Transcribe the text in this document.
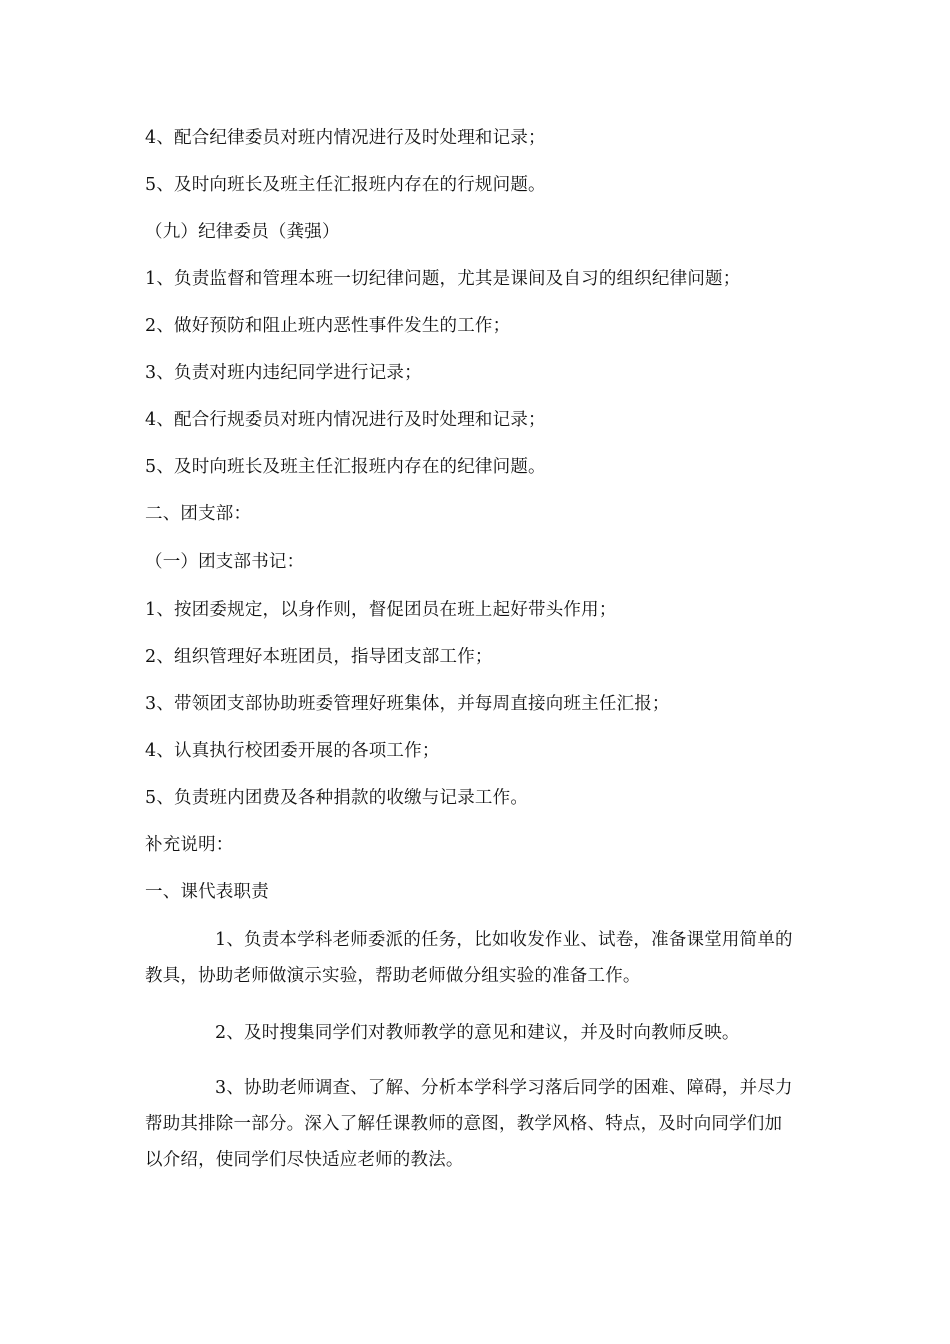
4、配合纪律委员对班内情况进行及时处理和记录；
5、及时向班长及班主任汇报班内存在的行规问题。
（九）纪律委员（龚强）
1、负责监督和管理本班一切纪律问题，尤其是课间及自习的组织纪律问题；
2、做好预防和阻止班内恶性事件发生的工作；
3、负责对班内违纪同学进行记录；
4、配合行规委员对班内情况进行及时处理和记录；
5、及时向班长及班主任汇报班内存在的纪律问题。
二、团支部：
（一）团支部书记：
1、按团委规定，以身作则，督促团员在班上起好带头作用；
2、组织管理好本班团员，指导团支部工作；
3、带领团支部协助班委管理好班集体，并每周直接向班主任汇报；
4、认真执行校团委开展的各项工作；
5、负责班内团费及各种捐款的收缴与记录工作。
补充说明：
一、课代表职责
1、负责本学科老师委派的任务，比如收发作业、试卷，准备课堂用简单的
教具，协助老师做演示实验，帮助老师做分组实验的准备工作。
2、及时搜集同学们对教师教学的意见和建议，并及时向教师反映。
3、协助老师调查、了解、分析本学科学习落后同学的困难、障碍，并尽力
帮助其排除一部分。深入了解任课教师的意图，教学风格、特点，及时向同学们加
以介绍，使同学们尽快适应老师的教法。
